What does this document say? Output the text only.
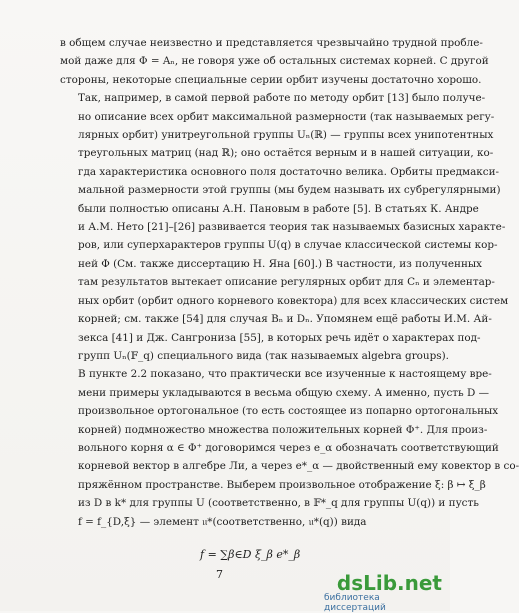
в общем случае неизвестно и представляется чрезвычайно трудной пробле-
мой даже для Φ = Aₙ, не говоря уже об остальных системах корней. С другой
стороны, некоторые специальные серии орбит изучены достаточно хорошо.

Так, например, в самой первой работе по методу орбит [13] было получе-
но описание всех орбит максимальной размерности (так называемых регу-
лярных орбит) унитреугольной группы Uₙ(ℝ) — группы всех унипотентных
треугольных матриц (над ℝ); оно остаётся верным и в нашей ситуации, ко-
гда характеристика основного поля достаточно велика. Орбиты предмакси-
мальной размерности этой группы (мы будем называть их субрегулярными)
были полностью описаны А.Н. Пановым в работе [5]. В статьях К. Андре
и А.М. Нето [21]–[26] развивается теория так называемых базисных характе-
ров, или суперхарактеров группы U(q) в случае классической системы кор-
ней Φ (См. также диссертацию Н. Яна [60].) В частности, из полученных
там результатов вытекает описание регулярных орбит для Cₙ и элементар-
ных орбит (орбит одного корневого ковектора) для всех классических систем
корней; см. также [54] для случая Bₙ и Dₙ. Упомянем ещё работы И.М. Ай-
зекса [41] и Дж. Сангрониза [55], в которых речь идёт о характерах под-
групп Uₙ(𝔽_q) специального вида (так называемых algebra groups).

В пункте 2.2 показано, что практически все изученные к настоящему вре-
мени примеры укладываются в весьма общую схему. А именно, пусть D —
произвольное ортогональное (то есть состоящее из попарно ортогональных
корней) подмножество множества положительных корней Φ⁺. Для произ-
вольного корня α ∈ Φ⁺ договоримся через e_α обозначать соответствующий
корневой вектор в алгебре Ли, а через e*_α — двойственный ему ковектор в со-
пряжённом пространстве. Выберем произвольное отображение ξ: β ↦ ξ_β
из D в k* для группы U (соответственно, в 𝔽*_q для группы U(q)) и пусть
f = f_{D,ξ} — элемент 𝔲*(соответственно, 𝔲*(q)) вида

f = ∑β∈D ξ_β e*_β
7	dsLib.net
библиотека диссертаций
